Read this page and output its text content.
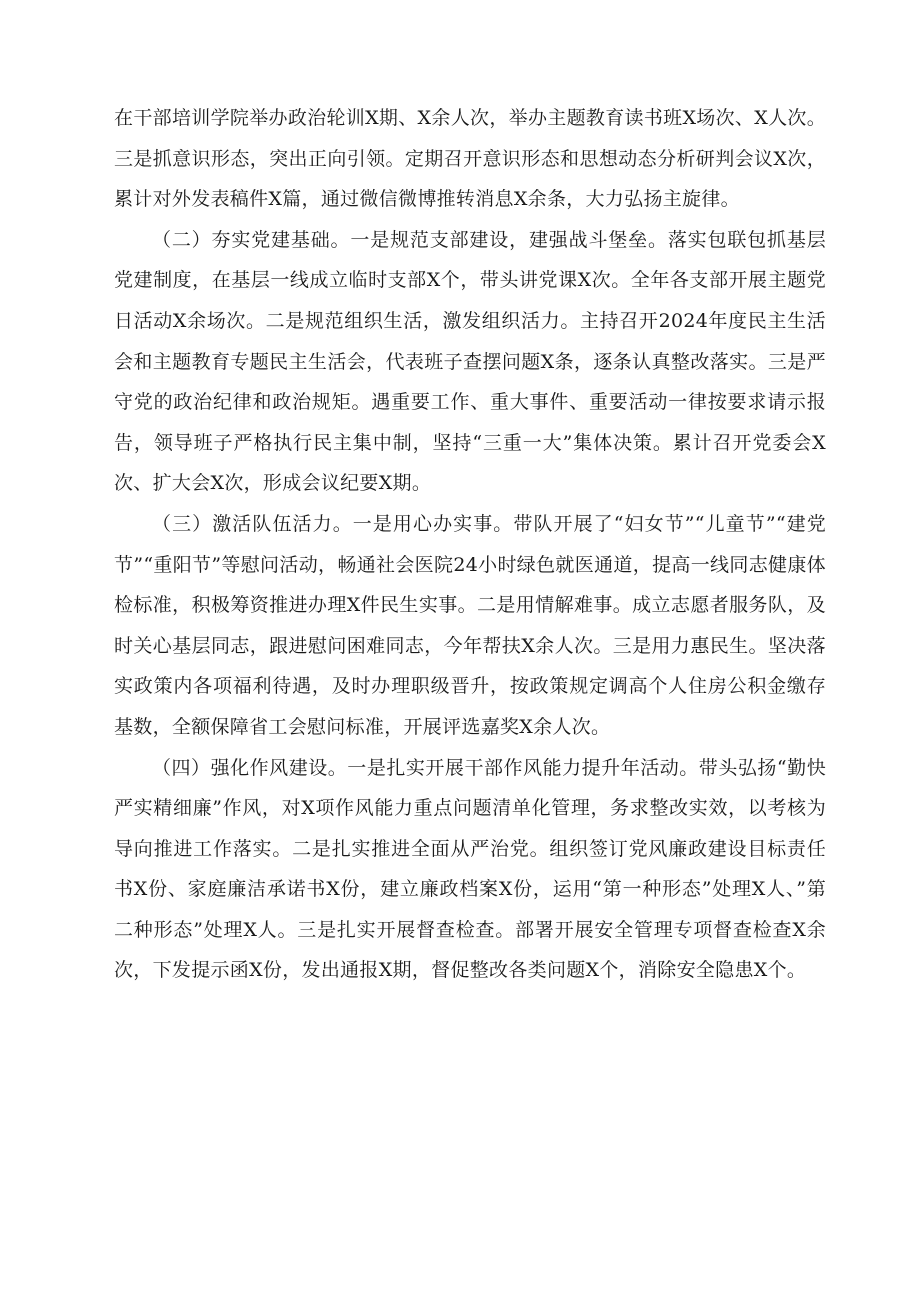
在干部培训学院举办政治轮训X期、X余人次，举办主题教育读书班X场次、X人次。三是抓意识形态，突出正向引领。定期召开意识形态和思想动态分析研判会议X次，累计对外发表稿件X篇，通过微信微博推转消息X余条，大力弘扬主旋律。

（二）夯实党建基础。一是规范支部建设，建强战斗堡垒。落实包联包抓基层党建制度，在基层一线成立临时支部X个，带头讲党课X次。全年各支部开展主题党日活动X余场次。二是规范组织生活，激发组织活力。主持召开2024年度民主生活会和主题教育专题民主生活会，代表班子查摆问题X条，逐条认真整改落实。三是严守党的政治纪律和政治规矩。遇重要工作、重大事件、重要活动一律按要求请示报告，领导班子严格执行民主集中制，坚持“三重一大”集体决策。累计召开党委会X次、扩大会X次，形成会议纪要X期。

（三）激活队伍活力。一是用心办实事。带队开展了“妇女节”“儿童节”“建党节”“重阳节”等慰问活动，畅通社会医院24小时绿色就医通道，提高一线同志健康体检标准，积极筹资推进办理X件民生实事。二是用情解难事。成立志愿者服务队，及时关心基层同志，跟进慰问困难同志，今年帮扶X余人次。三是用力惠民生。坚决落实政策内各项福利待遇，及时办理职级晋升，按政策规定调高个人住房公积金缴存基数，全额保障省工会慰问标准，开展评选嘉奖X余人次。

（四）强化作风建设。一是扎实开展干部作风能力提升年活动。带头弘扬“勤快严实精细廉”作风，对X项作风能力重点问题清单化管理，务求整改实效，以考核为导向推进工作落实。二是扎实推进全面从严治党。组织签订党风廉政建设目标责任书X份、家庭廉洁承诺书X份，建立廉政档案X份，运用“第一种形态”处理X人、”第二种形态”处理X人。三是扎实开展督查检查。部署开展安全管理专项督查检查X余次，下发提示函X份，发出通报X期，督促整改各类问题X个，消除安全隐患X个。
